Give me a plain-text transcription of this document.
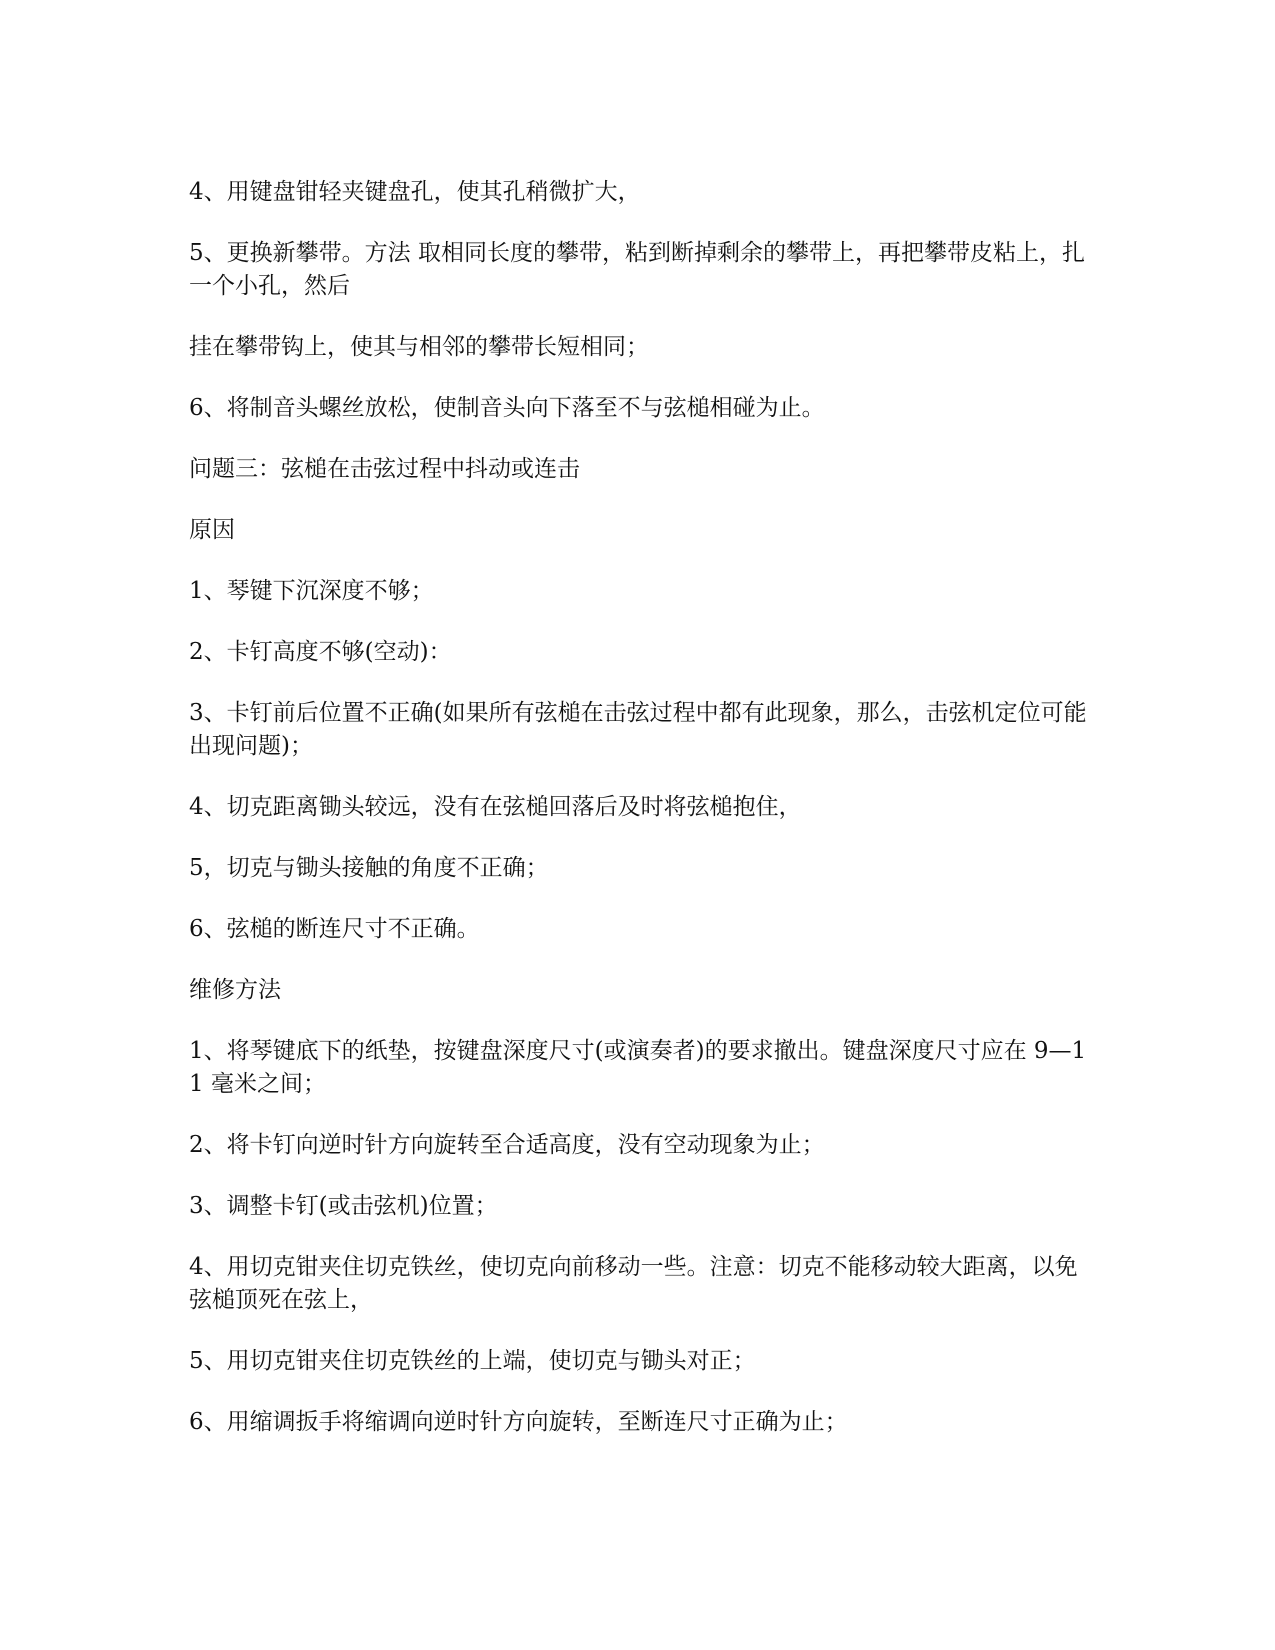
4、用键盘钳轻夹键盘孔，使其孔稍微扩大，

5、更换新攀带。方法 取相同长度的攀带，粘到断掉剩余的攀带上，再把攀带皮粘上，扎一个小孔，然后

挂在攀带钩上，使其与相邻的攀带长短相同；

6、将制音头螺丝放松，使制音头向下落至不与弦槌相碰为止。

问题三：弦槌在击弦过程中抖动或连击

原因

1、琴键下沉深度不够；

2、卡钉高度不够(空动)：

3、卡钉前后位置不正确(如果所有弦槌在击弦过程中都有此现象，那么，击弦机定位可能出现问题)；

4、切克距离锄头较远，没有在弦槌回落后及时将弦槌抱住，

5，切克与锄头接触的角度不正确；

6、弦槌的断连尺寸不正确。

维修方法

1、将琴键底下的纸垫，按键盘深度尺寸(或演奏者)的要求撤出。键盘深度尺寸应在 9—11 毫米之间；

2、将卡钉向逆时针方向旋转至合适高度，没有空动现象为止；

3、调整卡钉(或击弦机)位置；

4、用切克钳夹住切克铁丝，使切克向前移动一些。注意：切克不能移动较大距离，以免弦槌顶死在弦上，

5、用切克钳夹住切克铁丝的上端，使切克与锄头对正；

6、用缩调扳手将缩调向逆时针方向旋转，至断连尺寸正确为止；
